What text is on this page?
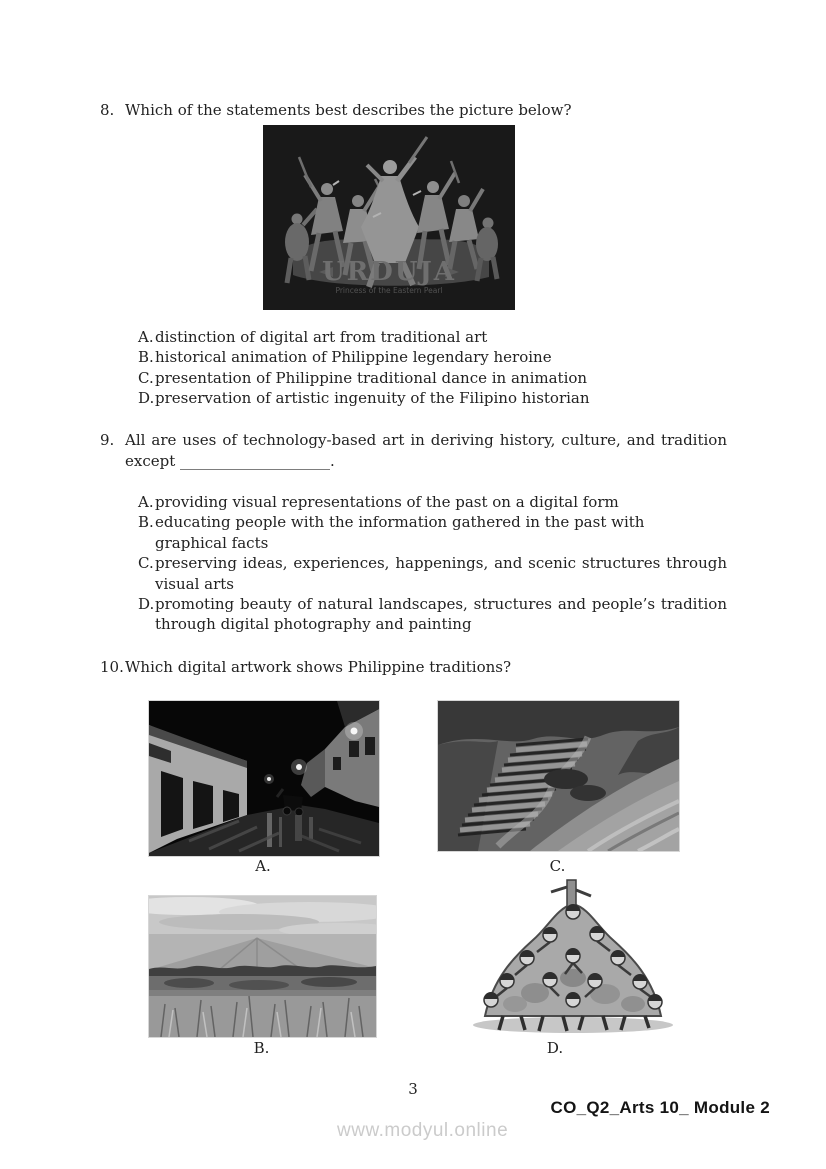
8. Which of the statements best describes the picture below?
URDUJA
Princess of the Eastern Pearl
A. distinction of digital art from traditional art
B. historical animation of Philippine legendary heroine
C. presentation of Philippine traditional dance in animation
D. preservation of artistic ingenuity of the Filipino historian
9. All are uses of technology-based art in deriving history, culture, and tradition
except ____________________.
A. providing visual representations of the past on a digital form
B. educating people with the information gathered in the past with
graphical facts
C. preserving ideas, experiences, happenings, and scenic structures through
visual arts
D. promoting beauty of natural landscapes, structures and people’s tradition
through digital photography and painting
10. Which digital artwork shows Philippine traditions?
A.	C.
B.	D.
3
CO_Q2_Arts 10_ Module 2
www.modyul.online
